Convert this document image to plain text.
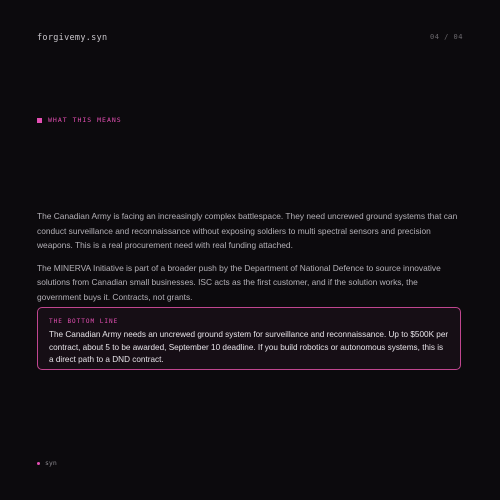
forgivemy.syn	04 / 04
WHAT THIS MEANS

The Canadian Army is facing an increasingly complex battlespace. They need uncrewed ground systems that can conduct surveillance and reconnaissance without exposing soldiers to multi spectral sensors and precision weapons. This is a real procurement need with real funding attached.

The MINERVA Initiative is part of a broader push by the Department of National Defence to source innovative solutions from Canadian small businesses. ISC acts as the first customer, and if the solution works, the government buys it. Contracts, not grants.

THE BOTTOM LINE

The Canadian Army needs an uncrewed ground system for surveillance and reconnaissance. Up to $500K per contract, about 5 to be awarded, September 10 deadline. If you build robotics or autonomous systems, this is a direct path to a DND contract.

syn
